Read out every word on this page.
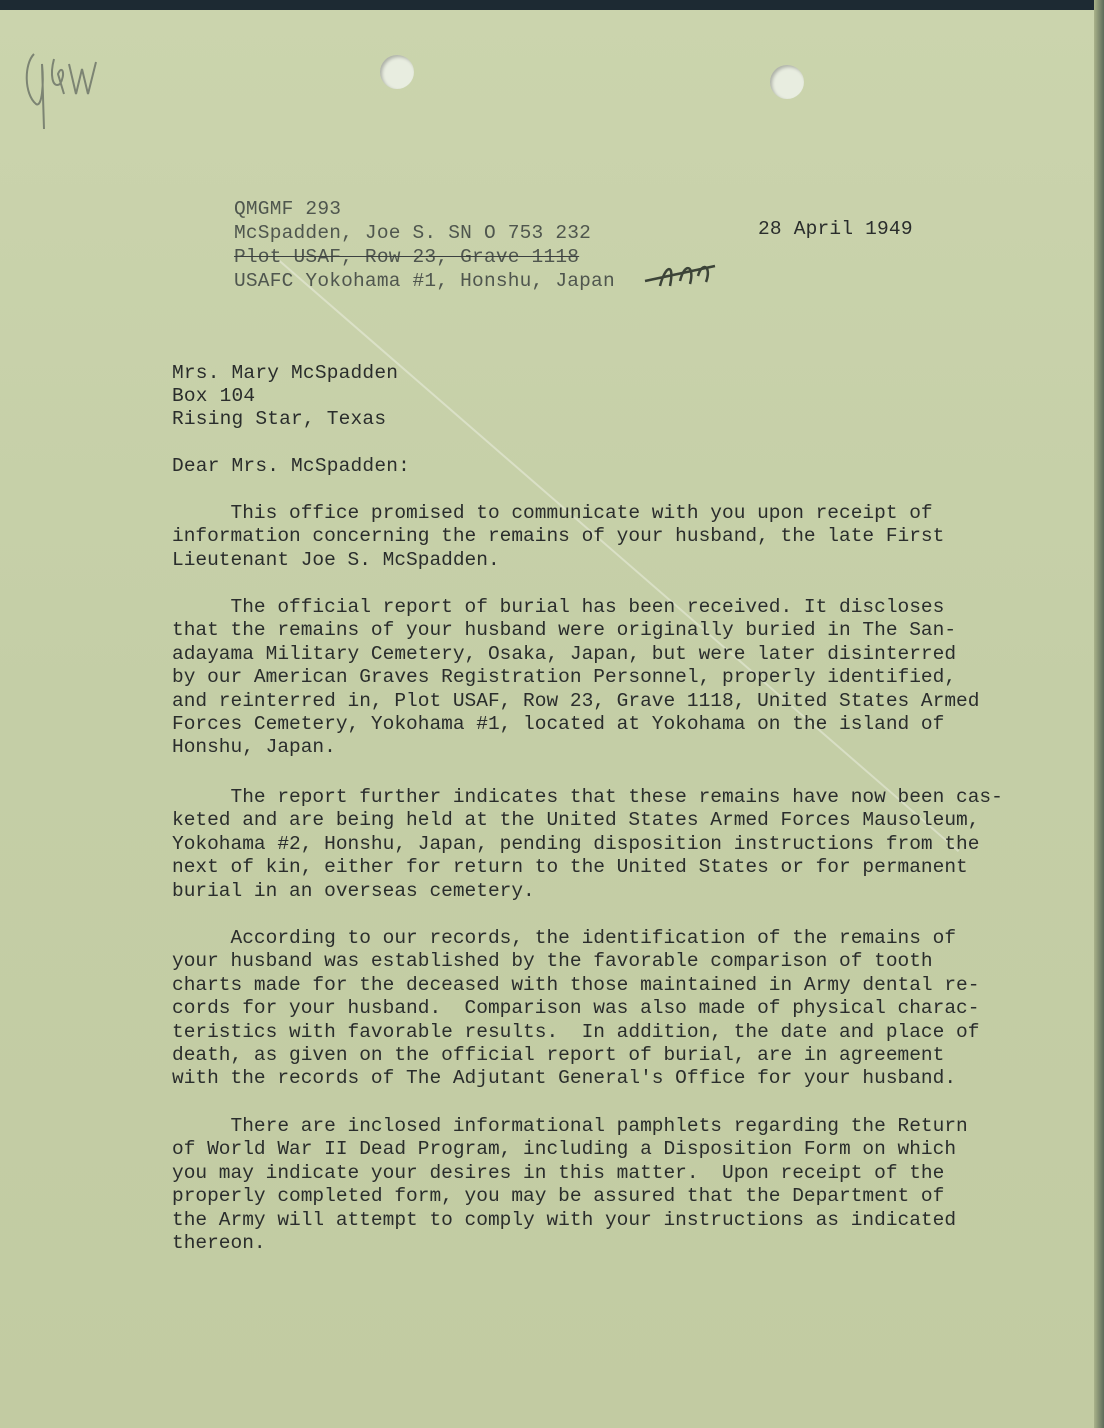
QMGMF 293
McSpadden, Joe S. SN O 753 232
Plot USAF, Row 23, Grave 1118
USAFC Yokohama #1, Honshu, Japan
28 April 1949
Mrs. Mary McSpadden
Box 104
Rising Star, Texas
Dear Mrs. McSpadden:
This office promised to communicate with you upon receipt of
information concerning the remains of your husband, the late First
Lieutenant Joe S. McSpadden.
The official report of burial has been received. It discloses
that the remains of your husband were originally buried in The San-
adayama Military Cemetery, Osaka, Japan, but were later disinterred
by our American Graves Registration Personnel, properly identified,
and reinterred in, Plot USAF, Row 23, Grave 1118, United States Armed
Forces Cemetery, Yokohama #1, located at Yokohama on the island of
Honshu, Japan.
The report further indicates that these remains have now been cas-
keted and are being held at the United States Armed Forces Mausoleum,
Yokohama #2, Honshu, Japan, pending disposition instructions from the
next of kin, either for return to the United States or for permanent
burial in an overseas cemetery.
According to our records, the identification of the remains of
your husband was established by the favorable comparison of tooth
charts made for the deceased with those maintained in Army dental re-
cords for your husband.  Comparison was also made of physical charac-
teristics with favorable results.  In addition, the date and place of
death, as given on the official report of burial, are in agreement
with the records of The Adjutant General's Office for your husband.
There are inclosed informational pamphlets regarding the Return
of World War II Dead Program, including a Disposition Form on which
you may indicate your desires in this matter.  Upon receipt of the
properly completed form, you may be assured that the Department of
the Army will attempt to comply with your instructions as indicated
thereon.
